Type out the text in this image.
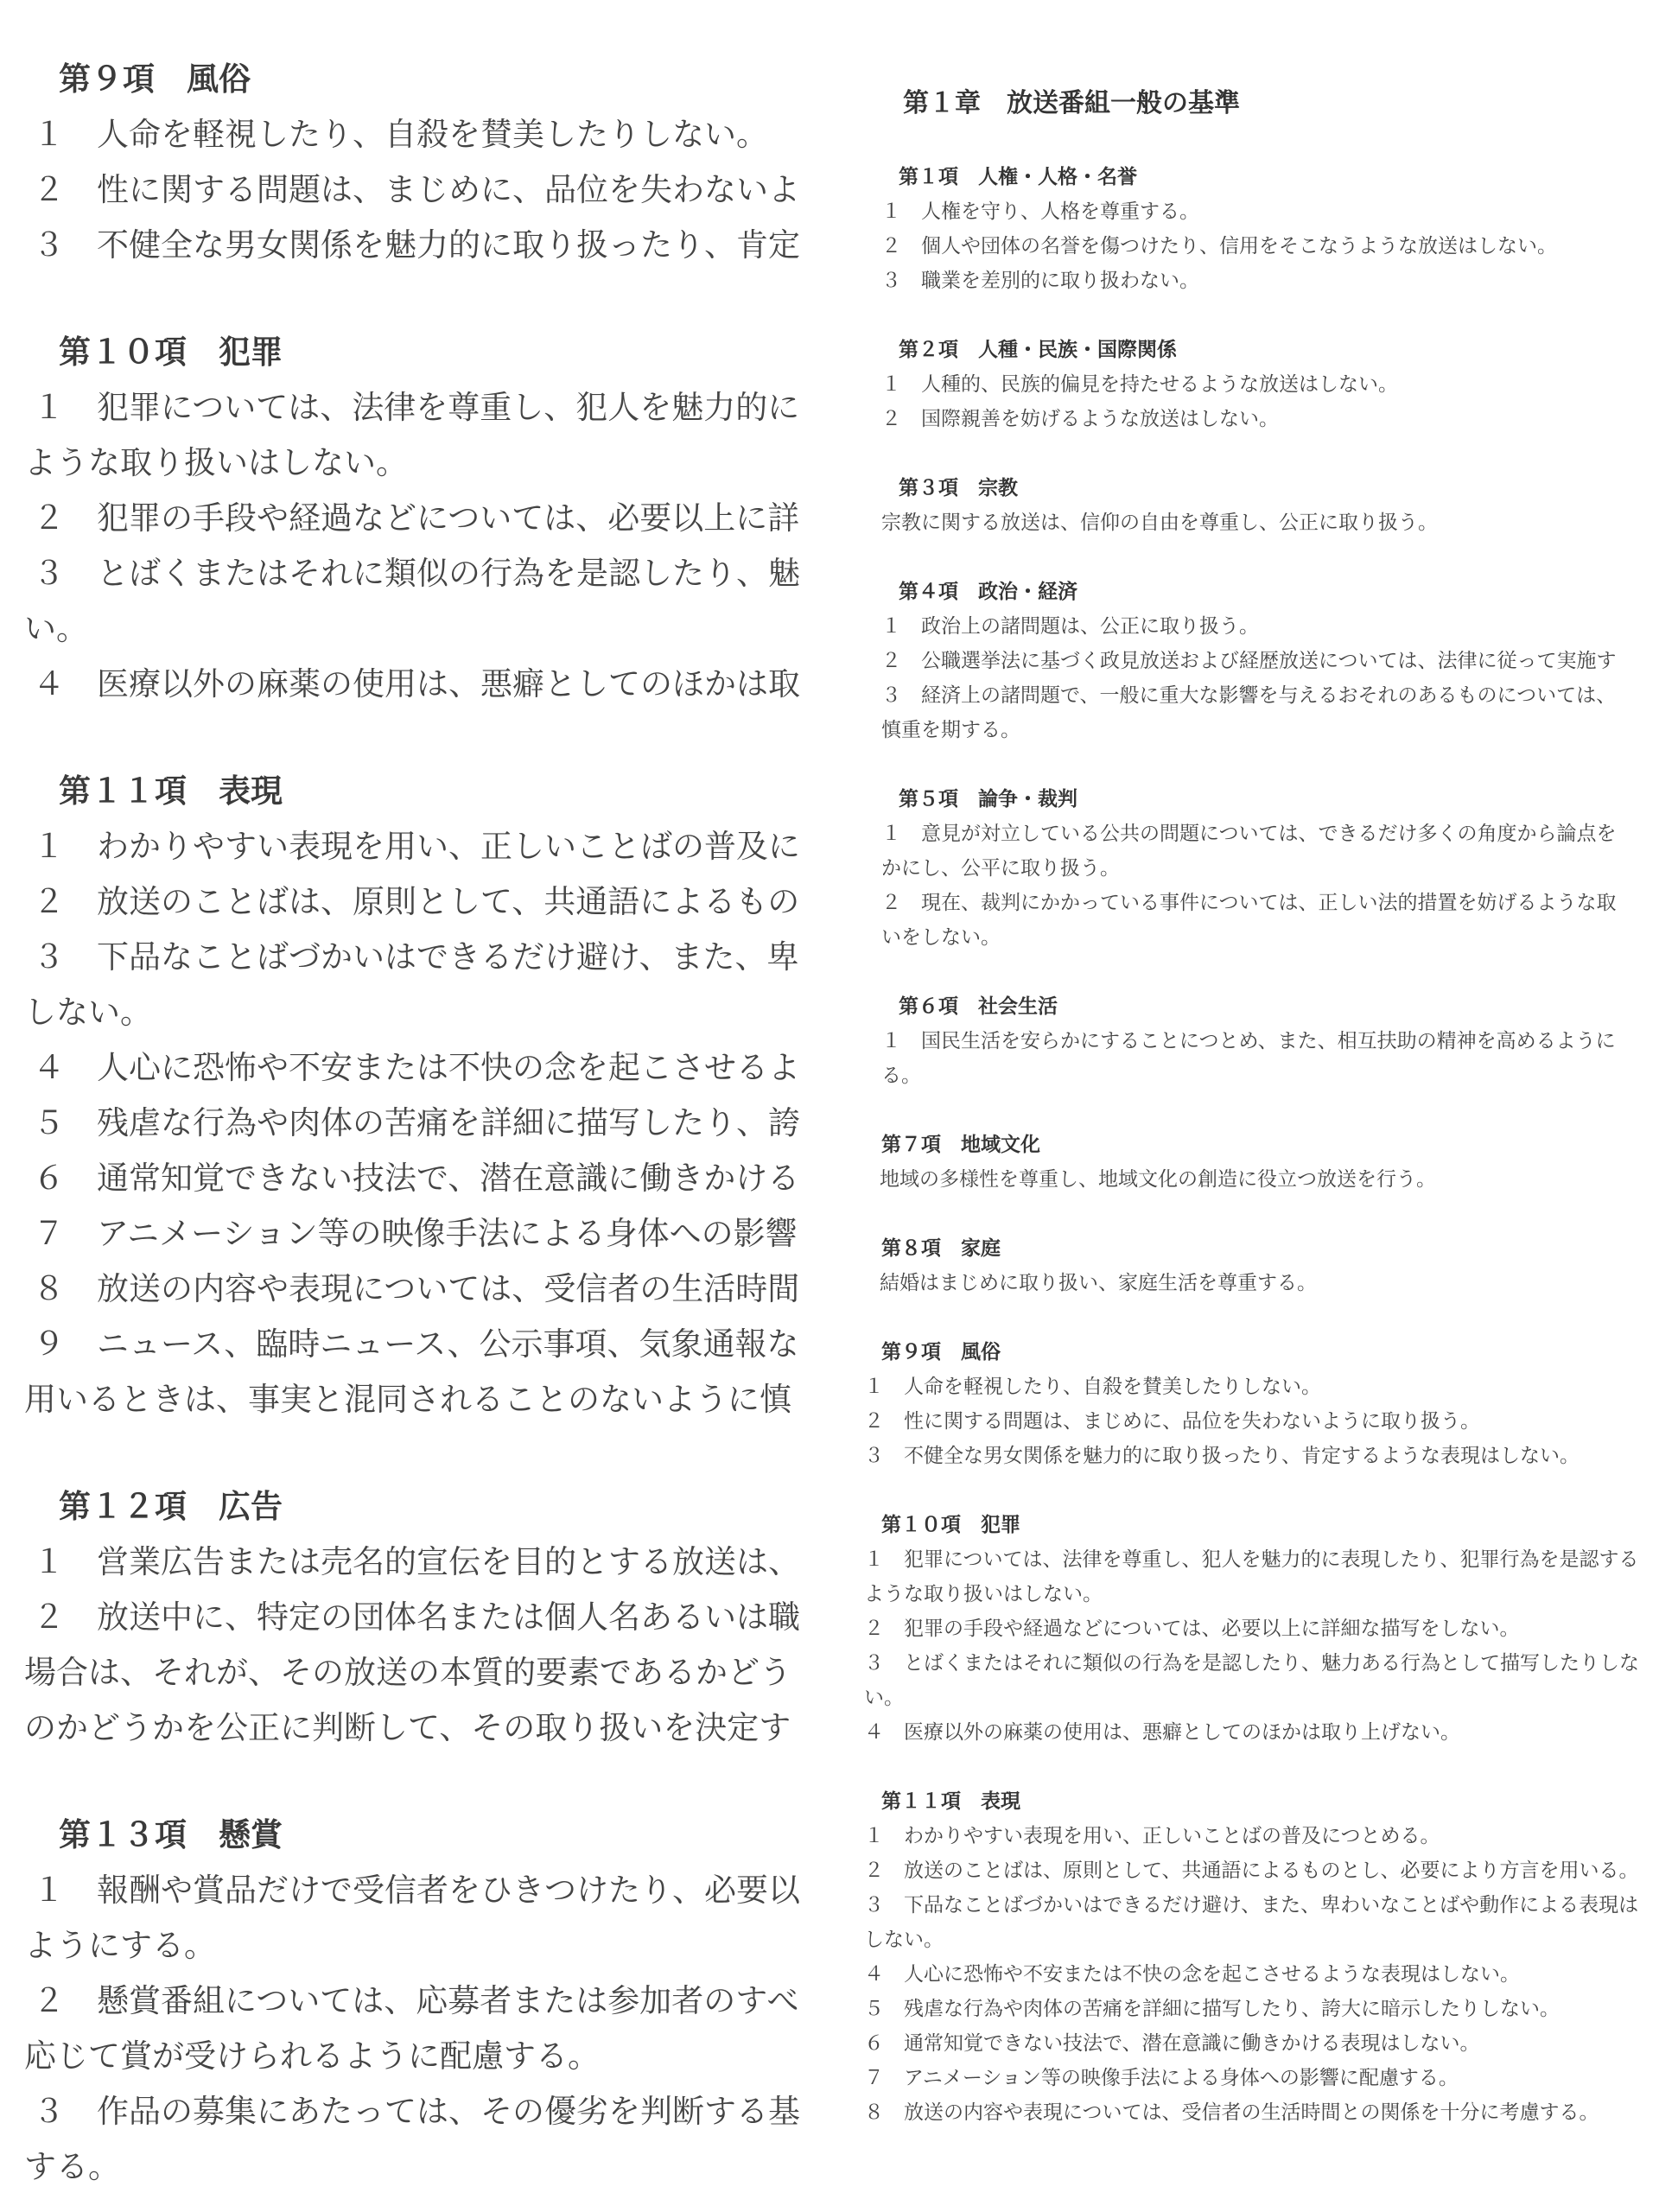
第９項　風俗
１　人命を軽視したり、自殺を賛美したりしない。
２　性に関する問題は、まじめに、品位を失わないよ
３　不健全な男女関係を魅力的に取り扱ったり、肯定
第１０項　犯罪
１　犯罪については、法律を尊重し、犯人を魅力的に
ような取り扱いはしない。
２　犯罪の手段や経過などについては、必要以上に詳
３　とばくまたはそれに類似の行為を是認したり、魅
い。
４　医療以外の麻薬の使用は、悪癖としてのほかは取
第１１項　表現
１　わかりやすい表現を用い、正しいことばの普及に
２　放送のことばは、原則として、共通語によるもの
３　下品なことばづかいはできるだけ避け、また、卑
しない。
４　人心に恐怖や不安または不快の念を起こさせるよ
５　残虐な行為や肉体の苦痛を詳細に描写したり、誇
６　通常知覚できない技法で、潜在意識に働きかける
７　アニメーション等の映像手法による身体への影響
８　放送の内容や表現については、受信者の生活時間
９　ニュース、臨時ニュース、公示事項、気象通報な
用いるときは、事実と混同されることのないように慎
第１２項　広告
１　営業広告または売名的宣伝を目的とする放送は、
２　放送中に、特定の団体名または個人名あるいは職
場合は、それが、その放送の本質的要素であるかどう
のかどうかを公正に判断して、その取り扱いを決定す
第１３項　懸賞
１　報酬や賞品だけで受信者をひきつけたり、必要以
ようにする。
２　懸賞番組については、応募者または参加者のすべ
応じて賞が受けられるように配慮する。
３　作品の募集にあたっては、その優劣を判断する基
する。
第１章　放送番組一般の基準
第１項　人権・人格・名誉
１　人権を守り、人格を尊重する。
２　個人や団体の名誉を傷つけたり、信用をそこなうような放送はしない。
３　職業を差別的に取り扱わない。
第２項　人種・民族・国際関係
１　人種的、民族的偏見を持たせるような放送はしない。
２　国際親善を妨げるような放送はしない。
第３項　宗教
宗教に関する放送は、信仰の自由を尊重し、公正に取り扱う。
第４項　政治・経済
１　政治上の諸問題は、公正に取り扱う。
２　公職選挙法に基づく政見放送および経歴放送については、法律に従って実施す
３　経済上の諸問題で、一般に重大な影響を与えるおそれのあるものについては、
慎重を期する。
第５項　論争・裁判
１　意見が対立している公共の問題については、できるだけ多くの角度から論点を
かにし、公平に取り扱う。
２　現在、裁判にかかっている事件については、正しい法的措置を妨げるような取
いをしない。
第６項　社会生活
１　国民生活を安らかにすることにつとめ、また、相互扶助の精神を高めるように
る。
第７項　地域文化
地域の多様性を尊重し、地域文化の創造に役立つ放送を行う。
第８項　家庭
結婚はまじめに取り扱い、家庭生活を尊重する。
第９項　風俗
１　人命を軽視したり、自殺を賛美したりしない。
２　性に関する問題は、まじめに、品位を失わないように取り扱う。
３　不健全な男女関係を魅力的に取り扱ったり、肯定するような表現はしない。
第１０項　犯罪
１　犯罪については、法律を尊重し、犯人を魅力的に表現したり、犯罪行為を是認する
ような取り扱いはしない。
２　犯罪の手段や経過などについては、必要以上に詳細な描写をしない。
３　とばくまたはそれに類似の行為を是認したり、魅力ある行為として描写したりしな
い。
４　医療以外の麻薬の使用は、悪癖としてのほかは取り上げない。
第１１項　表現
１　わかりやすい表現を用い、正しいことばの普及につとめる。
２　放送のことばは、原則として、共通語によるものとし、必要により方言を用いる。
３　下品なことばづかいはできるだけ避け、また、卑わいなことばや動作による表現は
しない。
４　人心に恐怖や不安または不快の念を起こさせるような表現はしない。
５　残虐な行為や肉体の苦痛を詳細に描写したり、誇大に暗示したりしない。
６　通常知覚できない技法で、潜在意識に働きかける表現はしない。
７　アニメーション等の映像手法による身体への影響に配慮する。
８　放送の内容や表現については、受信者の生活時間との関係を十分に考慮する。
